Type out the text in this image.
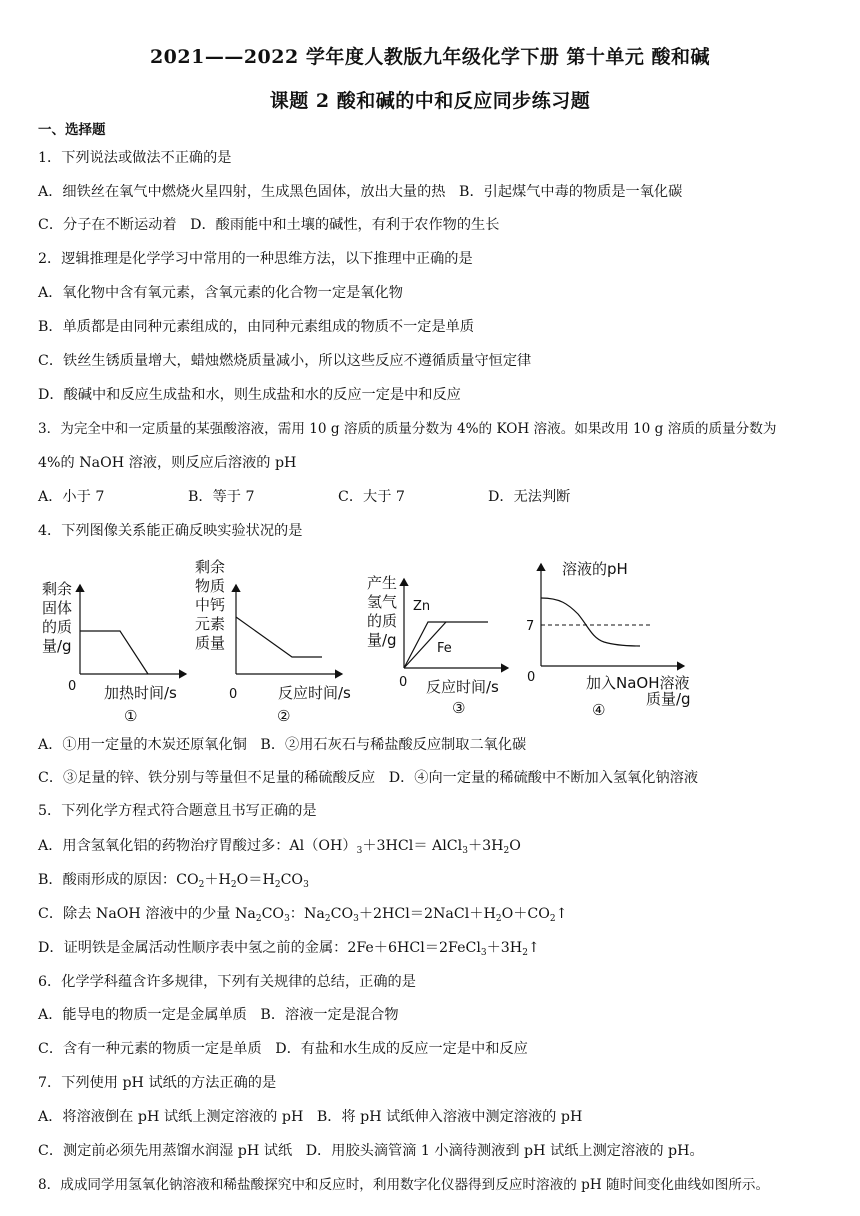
2021——2022 学年度人教版九年级化学下册 第十单元 酸和碱
课题 2 酸和碱的中和反应同步练习题
一、选择题
1．下列说法或做法不正确的是
A．细铁丝在氧气中燃烧火星四射，生成黑色固体，放出大量的热 B．引起煤气中毒的物质是一氧化碳
C．分子在不断运动着 D．酸雨能中和土壤的碱性，有利于农作物的生长
2．逻辑推理是化学学习中常用的一种思维方法，以下推理中正确的是
A．氧化物中含有氧元素，含氧元素的化合物一定是氧化物
B．单质都是由同种元素组成的，由同种元素组成的物质不一定是单质
C．铁丝生锈质量增大，蜡烛燃烧质量减小，所以这些反应不遵循质量守恒定律
D．酸碱中和反应生成盐和水，则生成盐和水的反应一定是中和反应
3．为完全中和一定质量的某强酸溶液，需用 10 g 溶质的质量分数为 4%的 KOH 溶液。如果改用 10 g 溶质的质量分数为
4%的 NaOH 溶液，则反应后溶液的 pH
A．小于 7	B．等于 7	C．大于 7	D．无法判断
4．下列图像关系能正确反映实验状况的是
剩余
固体
的质
量/g
0 加热时间/s
①
剩余
物质
中钙
元素
质量
0	反应时间/s
②
产生
氢气
的质
量/g
Zn
Fe
0 反应时间/s
③
溶液的pH
7
0	加入NaOH溶液
质量/g
④
A．①用一定量的木炭还原氧化铜 B．②用石灰石与稀盐酸反应制取二氧化碳
C．③足量的锌、铁分别与等量但不足量的稀硫酸反应 D．④向一定量的稀硫酸中不断加入氢氧化钠溶液
5．下列化学方程式符合题意且书写正确的是
A．用含氢氧化铝的药物治疗胃酸过多：$Al(OH)_3+3HCl=$ $AlCl_3+3H_2O$
B．酸雨形成的原因：$CO_2+H_2O=H_2CO_3$
C．除去 NaOH 溶液中的少量 $Na_2CO_3$：$Na_2CO_3+2HCl=2NaCl+H_2O+CO_2↑$
D．证明铁是金属活动性顺序表中氢之前的金属：$2Fe+6HCl=2FeCl_3+3H_2↑$
6．化学学科蕴含许多规律，下列有关规律的总结，正确的是
A．能导电的物质一定是金属单质 B．溶液一定是混合物
C．含有一种元素的物质一定是单质 D．有盐和水生成的反应一定是中和反应
7．下列使用 pH 试纸的方法正确的是
A．将溶液倒在 pH 试纸上测定溶液的 pH B．将 pH 试纸伸入溶液中测定溶液的 pH
C．测定前必须先用蒸馏水润湿 pH 试纸 D．用胶头滴管滴 1 小滴待测液到 pH 试纸上测定溶液的 pH。
8．成成同学用氢氧化钠溶液和稀盐酸探究中和反应时，利用数字化仪器得到反应时溶液的 pH 随时间变化曲线如图所示。
